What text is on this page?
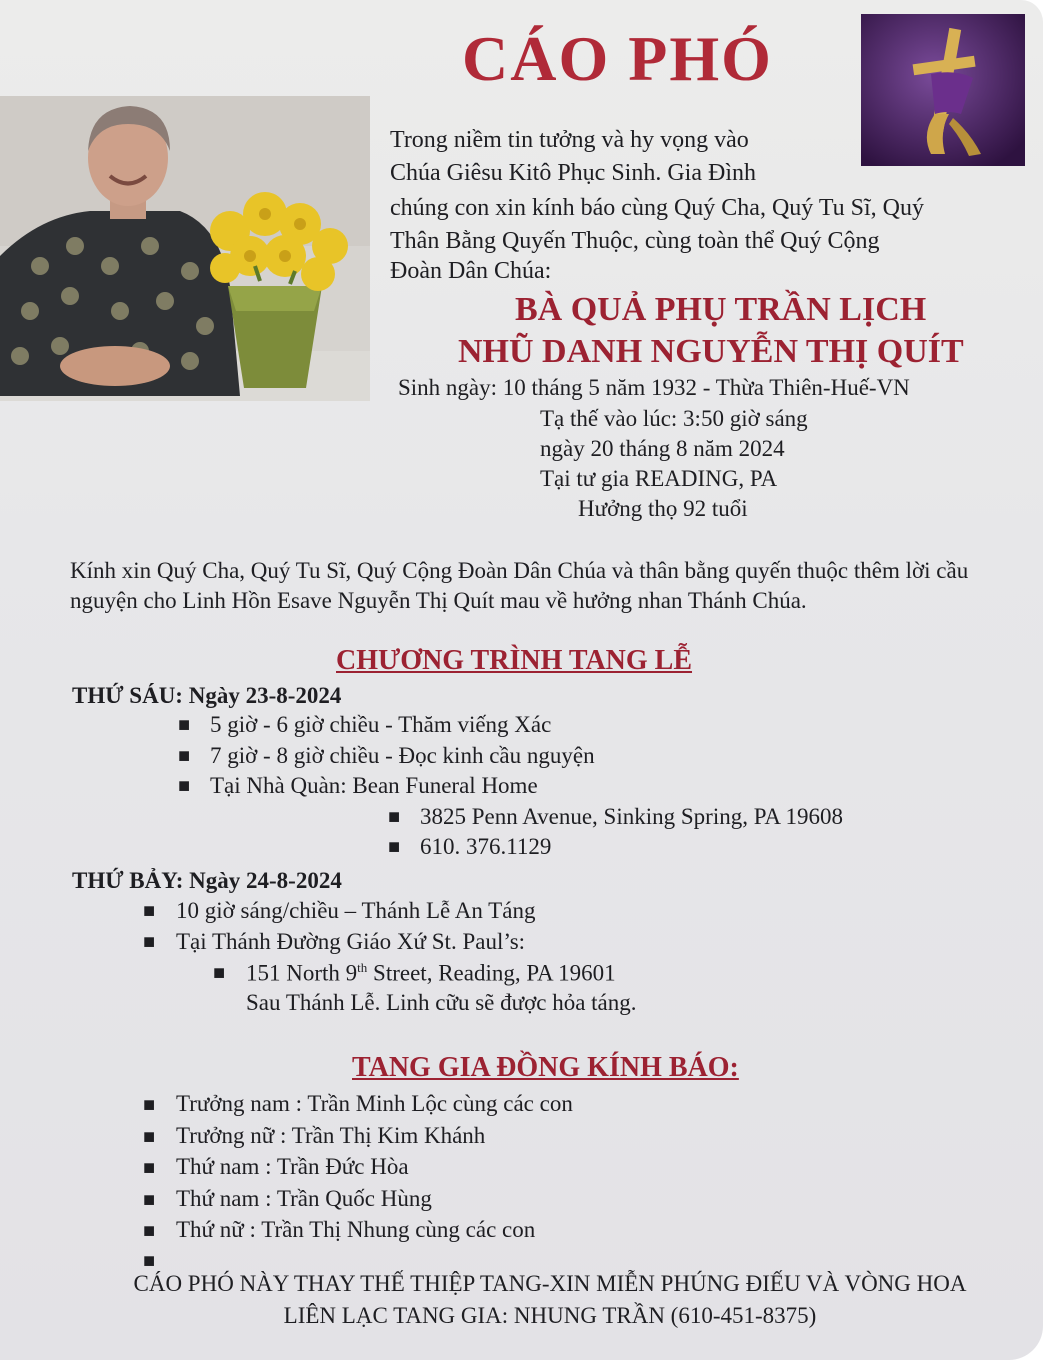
CÁO PHÓ
Trong niềm tin tưởng và hy vọng vào
Chúa Giêsu Kitô Phục Sinh. Gia Đình
chúng con xin kính báo cùng Quý Cha, Quý Tu Sĩ, Quý
Thân Bằng Quyến Thuộc, cùng toàn thể Quý Cộng
Đoàn Dân Chúa:
BÀ QUẢ PHỤ TRẦN LỊCH
NHŨ DANH NGUYỄN THỊ QUÍT
Sinh ngày: 10 tháng 5 năm 1932 - Thừa Thiên-Huế-VN
Tạ thế vào lúc: 3:50 giờ sáng
ngày 20 tháng 8 năm 2024
Tại tư gia READING, PA
Hưởng thọ 92 tuổi
Kính xin Quý Cha, Quý Tu Sĩ, Quý Cộng Đoàn Dân Chúa và thân bằng quyến thuộc thêm lời cầu nguyện cho Linh Hồn Esave Nguyễn Thị Quít mau về hưởng nhan Thánh Chúa.
CHƯƠNG TRÌNH TANG LỄ
THỨ SÁU: Ngày 23-8-2024
■ 5 giờ - 6 giờ chiều - Thăm viếng Xác
■ 7 giờ - 8 giờ chiều - Đọc kinh cầu nguyện
■ Tại Nhà Quàn: Bean Funeral Home
■ 3825 Penn Avenue, Sinking Spring, PA 19608
■ 610. 376.1129
THỨ BẢY: Ngày 24-8-2024
■ 10 giờ sáng/chiều – Thánh Lễ An Táng
■ Tại Thánh Đường Giáo Xứ St. Paul’s:
■ 151 North 9th Street, Reading, PA 19601
Sau Thánh Lễ. Linh cữu sẽ được hỏa táng.
TANG GIA ĐỒNG KÍNH BÁO:
■ Trưởng nam : Trần Minh Lộc cùng các con
■ Trưởng nữ : Trần Thị Kim Khánh
■ Thứ nam : Trần Đức Hòa
■ Thứ nam : Trần Quốc Hùng
■ Thứ nữ : Trần Thị Nhung cùng các con
■
CÁO PHÓ NÀY THAY THẾ THIỆP TANG-XIN MIỄN PHÚNG ĐIẾU VÀ VÒNG HOA
LIÊN LẠC TANG GIA: NHUNG TRẦN (610-451-8375)
